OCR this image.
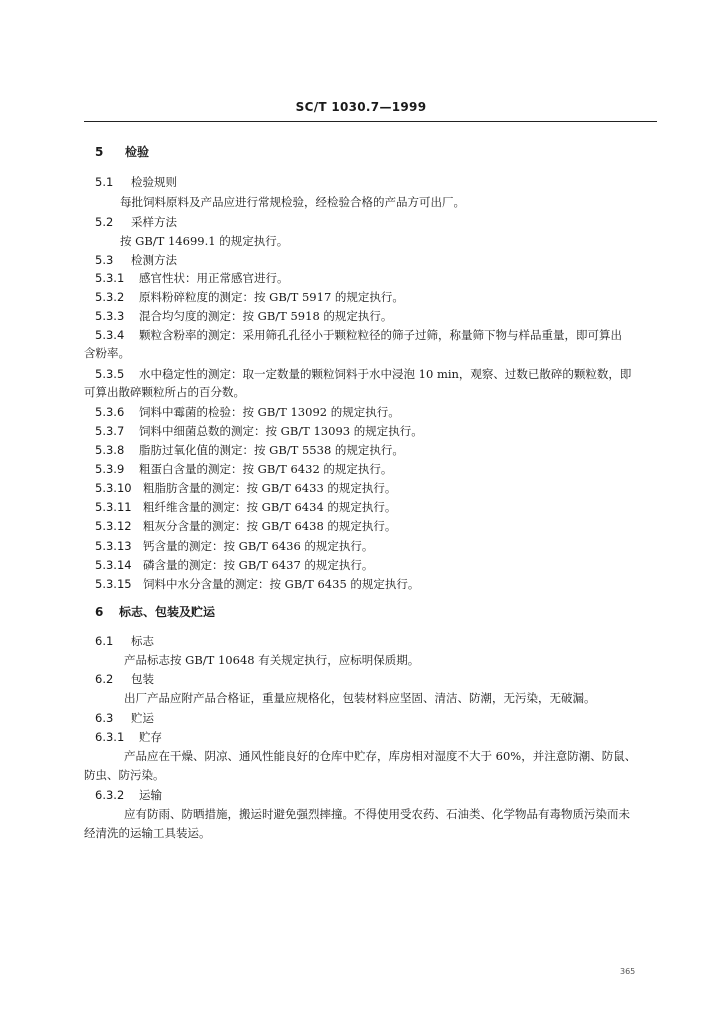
SC/T 1030.7—1999
5 检验
5.1 检验规则
每批饲料原料及产品应进行常规检验，经检验合格的产品方可出厂。
5.2 采样方法
按 GB/T 14699.1 的规定执行。
5.3 检测方法
5.3.1 感官性状：用正常感官进行。
5.3.2 原料粉碎粒度的测定：按 GB/T 5917 的规定执行。
5.3.3 混合均匀度的测定：按 GB/T 5918 的规定执行。
5.3.4 颗粒含粉率的测定：采用筛孔孔径小于颗粒粒径的筛子过筛，称量筛下物与样品重量，即可算出
含粉率。
5.3.5 水中稳定性的测定：取一定数量的颗粒饲料于水中浸泡 10 min，观察、过数已散碎的颗粒数，即
可算出散碎颗粒所占的百分数。
5.3.6 饲料中霉菌的检验：按 GB/T 13092 的规定执行。
5.3.7 饲料中细菌总数的测定：按 GB/T 13093 的规定执行。
5.3.8 脂肪过氧化值的测定：按 GB/T 5538 的规定执行。
5.3.9 粗蛋白含量的测定：按 GB/T 6432 的规定执行。
5.3.10 粗脂肪含量的测定：按 GB/T 6433 的规定执行。
5.3.11 粗纤维含量的测定：按 GB/T 6434 的规定执行。
5.3.12 粗灰分含量的测定：按 GB/T 6438 的规定执行。
5.3.13 钙含量的测定：按 GB/T 6436 的规定执行。
5.3.14 磷含量的测定：按 GB/T 6437 的规定执行。
5.3.15 饲料中水分含量的测定：按 GB/T 6435 的规定执行。
6 标志、包装及贮运
6.1 标志
产品标志按 GB/T 10648 有关规定执行，应标明保质期。
6.2 包装
出厂产品应附产品合格证，重量应规格化，包装材料应坚固、清洁、防潮，无污染，无破漏。
6.3 贮运
6.3.1 贮存
产品应在干燥、阴凉、通风性能良好的仓库中贮存，库房相对湿度不大于 60%，并注意防潮、防鼠、
防虫、防污染。
6.3.2 运输
应有防雨、防晒措施，搬运时避免强烈摔撞。不得使用受农药、石油类、化学物品有毒物质污染而未
经清洗的运输工具装运。
365
